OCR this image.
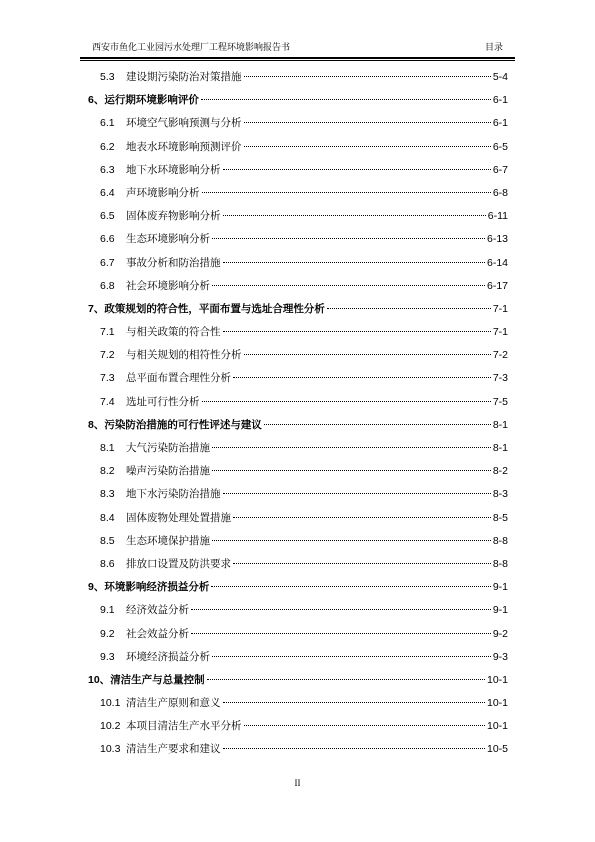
西安市鱼化工业园污水处理厂工程环境影响报告书	目录
5.3	建设期污染防治对策措施	5-4
6、 运行期环境影响评价	6-1
6.1	环境空气影响预测与分析	6-1
6.2	地表水环境影响预测评价	6-5
6.3	地下水环境影响分析	6-7
6.4	声环境影响分析	6-8
6.5	固体废弃物影响分析	6-11
6.6	生态环境影响分析	6-13
6.7	事故分析和防治措施	6-14
6.8	社会环境影响分析	6-17
7、 政策规划的符合性，平面布置与选址合理性分析	7-1
7.1	与相关政策的符合性	7-1
7.2	与相关规划的相符性分析	7-2
7.3	总平面布置合理性分析	7-3
7.4	选址可行性分析	7-5
8、 污染防治措施的可行性评述与建议	8-1
8.1	大气污染防治措施	8-1
8.2	噪声污染防治措施	8-2
8.3	地下水污染防治措施	8-3
8.4	固体废物处理处置措施	8-5
8.5	生态环境保护措施	8-8
8.6	排放口设置及防洪要求	8-8
9、 环境影响经济损益分析	9-1
9.1	经济效益分析	9-1
9.2	社会效益分析	9-2
9.3	环境经济损益分析	9-3
10、 清洁生产与总量控制	10-1
10.1 清洁生产原则和意义	10-1
10.2 本项目清洁生产水平分析	10-1
10.3 清洁生产要求和建议	10-5
II
